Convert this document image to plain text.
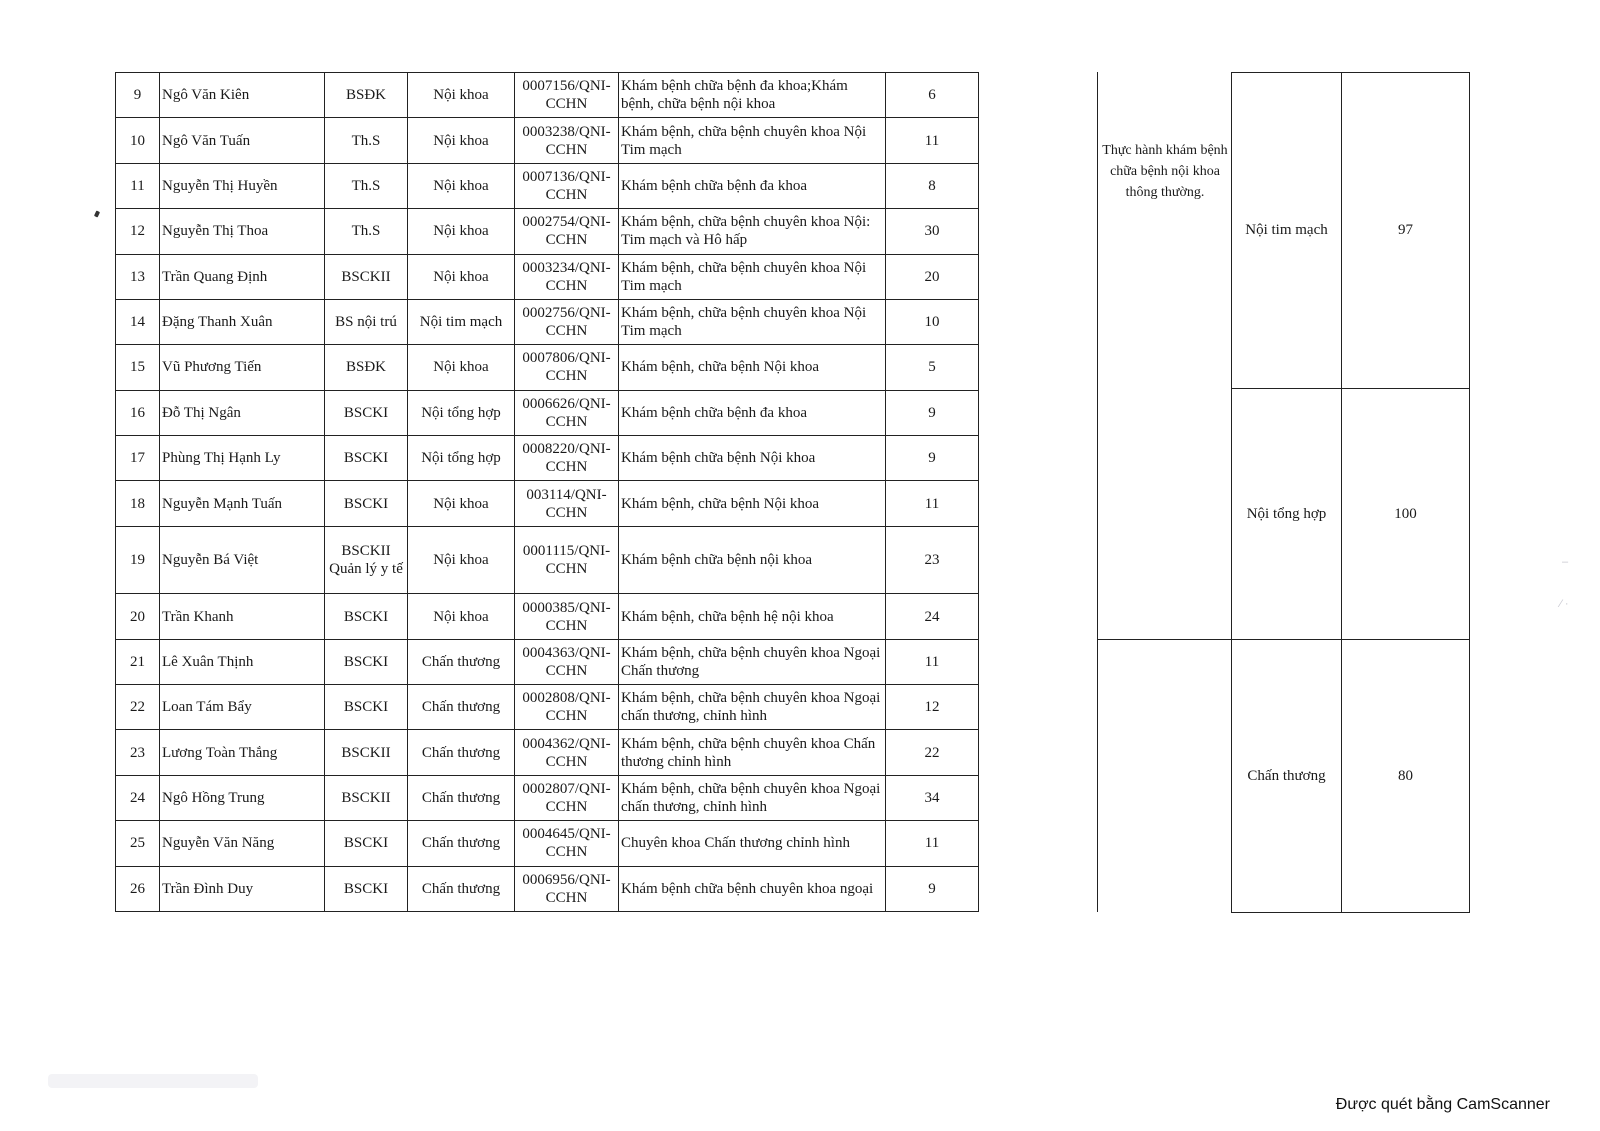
9	Ngô Văn Kiên	BSĐK	Nội khoa	0007156/QNI-CCHN	Khám bệnh chữa bệnh đa khoa;Khám bệnh, chữa bệnh nội khoa	6
10	Ngô Văn Tuấn	Th.S	Nội khoa	0003238/QNI-CCHN	Khám bệnh, chữa bệnh chuyên khoa Nội Tim mạch	11
11	Nguyễn Thị Huyền	Th.S	Nội khoa	0007136/QNI-CCHN	Khám bệnh chữa bệnh đa khoa	8
12	Nguyễn Thị Thoa	Th.S	Nội khoa	0002754/QNI-CCHN	Khám bệnh, chữa bệnh chuyên khoa Nội: Tim mạch và Hô hấp	30
13	Trần Quang Định	BSCKII	Nội khoa	0003234/QNI-CCHN	Khám bệnh, chữa bệnh chuyên khoa Nội Tim mạch	20
14	Đặng Thanh Xuân	BS nội trú	Nội tim mạch	0002756/QNI-CCHN	Khám bệnh, chữa bệnh chuyên khoa Nội Tim mạch	10
15	Vũ Phương Tiến	BSĐK	Nội khoa	0007806/QNI-CCHN	Khám bệnh, chữa bệnh Nội khoa	5
16	Đỗ Thị Ngân	BSCKI	Nội tổng hợp	0006626/QNI-CCHN	Khám bệnh chữa bệnh đa khoa	9
17	Phùng Thị Hạnh Ly	BSCKI	Nội tổng hợp	0008220/QNI-CCHN	Khám bệnh chữa bệnh Nội khoa	9
18	Nguyễn Mạnh Tuấn	BSCKI	Nội khoa	003114/QNI-CCHN	Khám bệnh, chữa bệnh Nội khoa	11
19	Nguyễn Bá Việt	BSCKII Quản lý y tế	Nội khoa	0001115/QNI-CCHN	Khám bệnh chữa bệnh nội khoa	23
20	Trần Khanh	BSCKI	Nội khoa	0000385/QNI-CCHN	Khám bệnh, chữa bệnh hệ nội khoa	24
21	Lê Xuân Thịnh	BSCKI	Chấn thương	0004363/QNI-CCHN	Khám bệnh, chữa bệnh chuyên khoa Ngoại Chấn thương	11
22	Loan Tám Bẩy	BSCKI	Chấn thương	0002808/QNI-CCHN	Khám bệnh, chữa bệnh chuyên khoa Ngoại chấn thương, chỉnh hình	12
23	Lương Toàn Thắng	BSCKII	Chấn thương	0004362/QNI-CCHN	Khám bệnh, chữa bệnh chuyên khoa Chấn thương chỉnh hình	22
24	Ngô Hồng Trung	BSCKII	Chấn thương	0002807/QNI-CCHN	Khám bệnh, chữa bệnh chuyên khoa Ngoại chấn thương, chỉnh hình	34
25	Nguyễn Văn Năng	BSCKI	Chấn thương	0004645/QNI-CCHN	Chuyên khoa Chấn thương chỉnh hình	11
26	Trần Đình Duy	BSCKI	Chấn thương	0006956/QNI-CCHN	Khám bệnh chữa bệnh chuyên khoa ngoại	9
Thực hành khám bệnh chữa bệnh nội khoa thông thường.
Nội tim mạch	97
Nội tổng hợp	100
Chấn thương	80
–
⁄ ·
Được quét bằng CamScanner
